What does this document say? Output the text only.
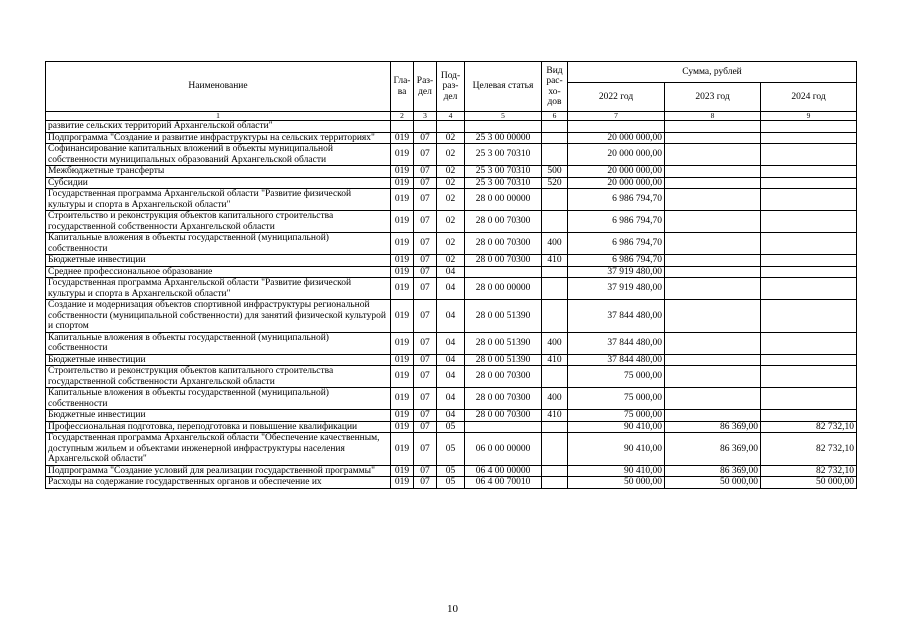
Наименование	Гла-ва	Раз-дел	Под-раз-дел	Целевая статья	Вид рас-хо-дов	Сумма, рублей		
						2022 год	2023 год	2024 год
1	2	3	4	5	6	7	8	9
развитие сельских территорий Архангельской области"								
Подпрограмма "Создание и развитие инфраструктуры на сельских территориях"	019	07	02	25 3 00 00000		20 000 000,00		
Софинансирование капитальных вложений в объекты муниципальной собственности муниципальных образований Архангельской области	019	07	02	25 3 00 70310		20 000 000,00		
Межбюджетные трансферты	019	07	02	25 3 00 70310	500	20 000 000,00		
Субсидии	019	07	02	25 3 00 70310	520	20 000 000,00		
Государственная программа Архангельской области "Развитие физической культуры и спорта в Архангельской области"	019	07	02	28 0 00 00000		6 986 794,70		
Строительство и реконструкция объектов капитального строительства государственной собственности Архангельской области	019	07	02	28 0 00 70300		6 986 794,70		
Капитальные вложения в объекты государственной (муниципальной) собственности	019	07	02	28 0 00 70300	400	6 986 794,70		
Бюджетные инвестиции	019	07	02	28 0 00 70300	410	6 986 794,70		
Среднее профессиональное образование	019	07	04			37 919 480,00		
Государственная программа Архангельской области "Развитие физической культуры и спорта в Архангельской области"	019	07	04	28 0 00 00000		37 919 480,00		
Создание и модернизация объектов спортивной инфраструктуры региональной собственности (муниципальной собственности) для занятий физической культурой и спортом	019	07	04	28 0 00 51390		37 844 480,00		
Капитальные вложения в объекты государственной (муниципальной) собственности	019	07	04	28 0 00 51390	400	37 844 480,00		
Бюджетные инвестиции	019	07	04	28 0 00 51390	410	37 844 480,00		
Строительство и реконструкция объектов капитального строительства государственной собственности Архангельской области	019	07	04	28 0 00 70300		75 000,00		
Капитальные вложения в объекты государственной (муниципальной) собственности	019	07	04	28 0 00 70300	400	75 000,00		
Бюджетные инвестиции	019	07	04	28 0 00 70300	410	75 000,00		
Профессиональная подготовка, переподготовка и повышение квалификации	019	07	05			90 410,00	86 369,00	82 732,10
Государственная программа Архангельской области "Обеспечение качественным, доступным жильем и объектами инженерной инфраструктуры населения Архангельской области"	019	07	05	06 0 00 00000		90 410,00	86 369,00	82 732,10
Подпрограмма "Создание условий для реализации государственной программы"	019	07	05	06 4 00 00000		90 410,00	86 369,00	82 732,10
Расходы на содержание государственных органов и обеспечение их	019	07	05	06 4 00 70010		50 000,00	50 000,00	50 000,00
10
